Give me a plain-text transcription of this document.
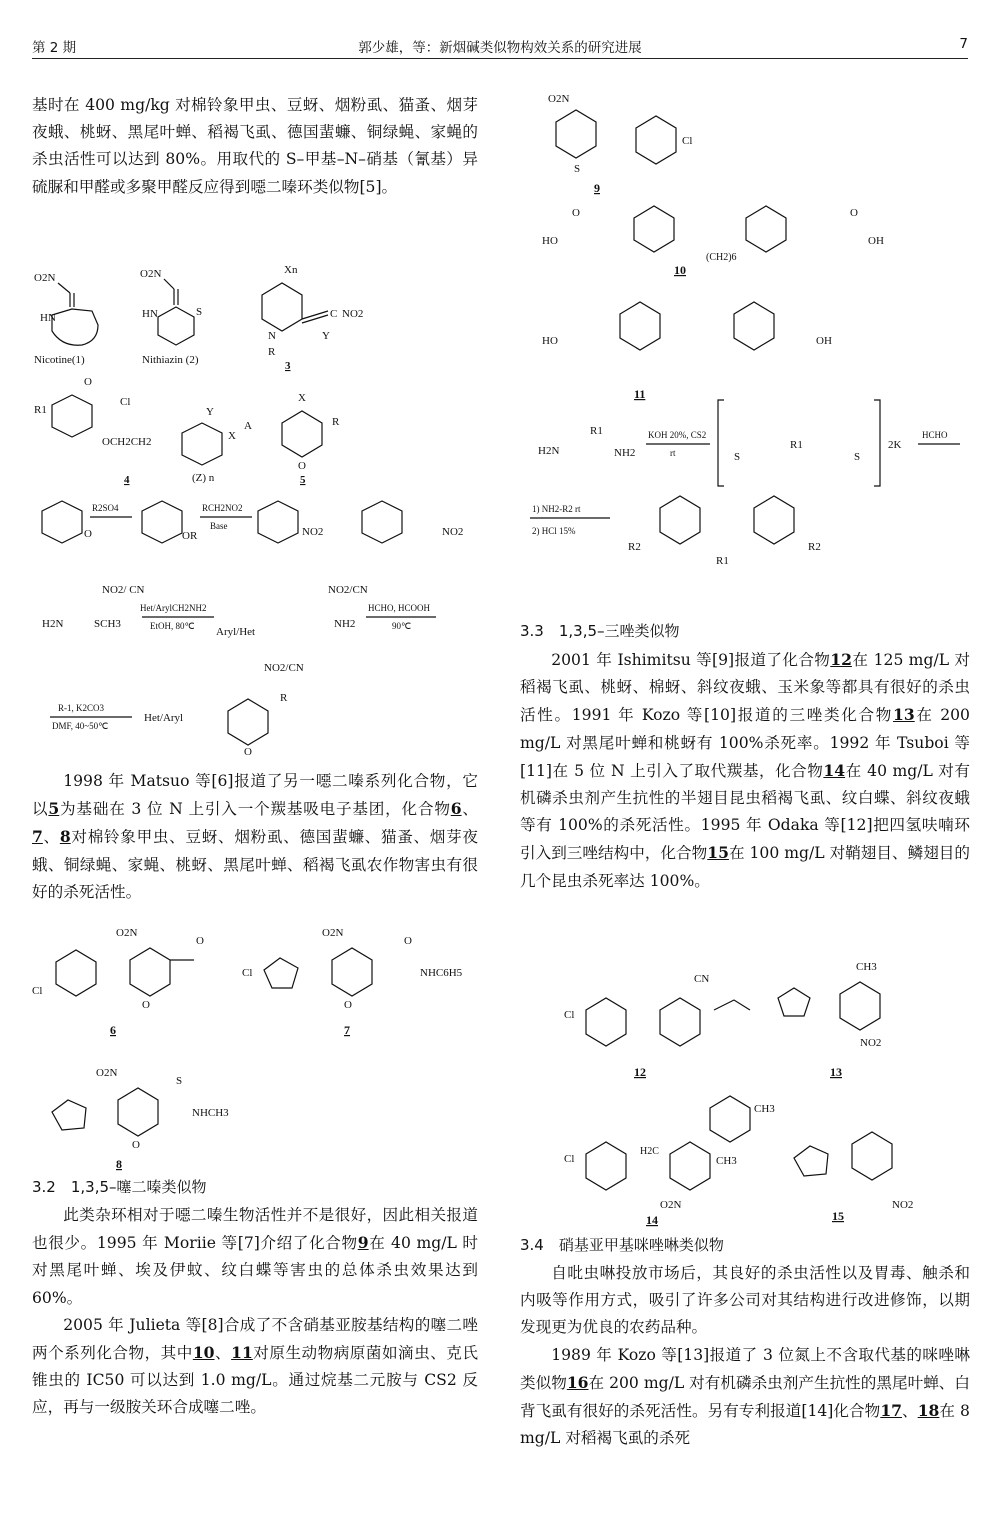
第 2 期	郭少雄，等：新烟碱类似物构效关系的研究进展	7

基时在 400 mg/kg 对棉铃象甲虫、豆蚜、烟粉虱、猫蚤、烟芽夜蛾、桃蚜、黑尾叶蝉、稻褐飞虱、德国蜚蠊、铜绿蝇、家蝇的杀虫活性可以达到 80%。用取代的 S–甲基–N–硝基（氰基）异硫脲和甲醛或多聚甲醛反应得到噁二嗪环类似物[5]。

O2N
HN
Nicotine(1)
O2N
HN	S
Nithiazin (2)
Xn
C NO2
N
R
Y
3
R1
O
Cl
OCH2CH2
Y
X
(Z) n
4
A
X
R
O
5
O
R2SO4
OR
RCH2NO2
Base	NO2	NO2
NO2/ CN
H2N	SCH3
Het/ArylCH2NH2
EtOH, 80℃
NO2/CN
Aryl/Het
NH2
HCHO, HCOOH
90℃
NO2/CN
R-1, K2CO3
DMF, 40~50℃
Het/Aryl
R
O

1998 年 Matsuo 等[6]报道了另一噁二嗪系列化合物，它以5为基础在 3 位 N 上引入一个羰基吸电子基团，化合物6、7、8对棉铃象甲虫、豆蚜、烟粉虱、德国蜚蠊、猫蚤、烟芽夜蛾、铜绿蝇、家蝇、桃蚜、黑尾叶蝉、稻褐飞虱农作物害虫有很好的杀死活性。

O2N
Cl
O
O
6
O2N
Cl
O
NHC6H5
O
7
O2N
S
NHCH3
O
8
3.2　1,3,5–噻二嗪类似物

此类杂环相对于噁二嗪生物活性并不是很好，因此相关报道也很少。1995 年 Moriie 等[7]介绍了化合物9在 40 mg/L 时对黑尾叶蝉、埃及伊蚊、纹白蝶等害虫的总体杀虫效果达到 60%。

2005 年 Julieta 等[8]合成了不含硝基亚胺基结构的噻二唑两个系列化合物，其中10、11对原生动物病原菌如滴虫、克氏锥虫的 IC50 可以达到 1.0 mg/L。通过烷基二元胺与 CS2 反应，再与一级胺关环合成噻二唑。

O2N
S
Cl
9
HO
O
(CH2)6
O
OH
10
HO	OH
11
H2N
R1
NH2
KOH 20%, CS2
rt	S	S
R1	2K
HCHO
1) NH2-R2 rt
2) HCl 15%
R2	R2
R1
3.3　1,3,5–三唑类似物

2001 年 Ishimitsu 等[9]报道了化合物12在 125 mg/L 对稻褐飞虱、桃蚜、棉蚜、斜纹夜蛾、玉米象等都具有很好的杀虫活性。1991 年 Kozo 等[10]报道的三唑类化合物13在 200 mg/L 对黑尾叶蝉和桃蚜有 100%杀死率。1992 年 Tsuboi 等[11]在 5 位 N 上引入了取代羰基，化合物14在 40 mg/L 对有机磷杀虫剂产生抗性的半翅目昆虫稻褐飞虱、纹白蝶、斜纹夜蛾等有 100%的杀死活性。1995 年 Odaka 等[12]把四氢呋喃环引入到三唑结构中，化合物15在 100 mg/L 对鞘翅目、鳞翅目的几个昆虫杀死率达 100%。

Cl
CN
12
CH3
NO2
13
CH3
Cl
H2C
CH3
O2N
14
NO2
15
3.4　硝基亚甲基咪唑啉类似物

自吡虫啉投放市场后，其良好的杀虫活性以及胃毒、触杀和内吸等作用方式，吸引了许多公司对其结构进行改进修饰，以期发现更为优良的农药品种。

1989 年 Kozo 等[13]报道了 3 位氮上不含取代基的咪唑啉类似物16在 200 mg/L 对有机磷杀虫剂产生抗性的黑尾叶蝉、白背飞虱有很好的杀死活性。另有专利报道[14]化合物17、18在 8 mg/L 对稻褐飞虱的杀死
